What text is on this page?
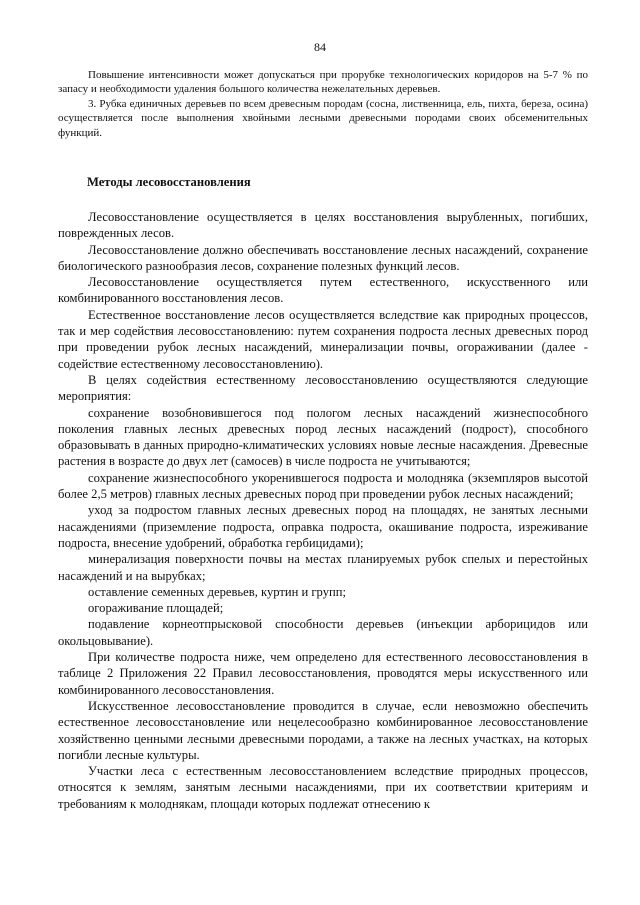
84

Повышение интенсивности может допускаться при прорубке технологических коридоров на 5-7 % по запасу и необходимости удаления большого количества нежелательных деревьев.

3. Рубка единичных деревьев по всем древесным породам (сосна, лиственница, ель, пихта, береза, осина) осуществляется после выполнения хвойными лесными древесными породами своих обсеменительных функций.

Методы лесовосстановления

Лесовосстановление осуществляется в целях восстановления вырубленных, погибших, поврежденных лесов.

Лесовосстановление должно обеспечивать восстановление лесных насаждений, сохранение биологического разнообразия лесов, сохранение полезных функций лесов.

Лесовосстановление осуществляется путем естественного, искусственного или комбинированного восстановления лесов.

Естественное восстановление лесов осуществляется вследствие как природных процессов, так и мер содействия лесовосстановлению: путем сохранения подроста лесных древесных пород при проведении рубок лесных насаждений, минерализации почвы, огораживании (далее - содействие естественному лесовосстановлению).

В целях содействия естественному лесовосстановлению осуществляются следующие мероприятия:

сохранение возобновившегося под пологом лесных насаждений жизнеспособного поколения главных лесных древесных пород лесных насаждений (подрост), способного образовывать в данных природно-климатических условиях новые лесные насаждения. Древесные растения в возрасте до двух лет (самосев) в числе подроста не учитываются;

сохранение жизнеспособного укоренившегося подроста и молодняка (экземпляров высотой более 2,5 метров) главных лесных древесных пород при проведении рубок лесных насаждений;

уход за подростом главных лесных древесных пород на площадях, не занятых лесными насаждениями (приземление подроста, оправка подроста, окашивание подроста, изреживание подроста, внесение удобрений, обработка гербицидами);

минерализация поверхности почвы на местах планируемых рубок спелых и перестойных насаждений и на вырубках;

оставление семенных деревьев, куртин и групп;

огораживание площадей;

подавление корнеотпрысковой способности деревьев (инъекции арборицидов или окольцовывание).

При количестве подроста ниже, чем определено для естественного лесовосстановления в таблице 2 Приложения 22 Правил лесовосстановления, проводятся меры искусственного или комбинированного лесовосстановления.

Искусственное лесовосстановление проводится в случае, если невозможно обеспечить естественное лесовосстановление или нецелесообразно комбинированное лесовосстановление хозяйственно ценными лесными древесными породами, а также на лесных участках, на которых погибли лесные культуры.

Участки леса с естественным лесовосстановлением вследствие природных процессов, относятся к землям, занятым лесными насаждениями, при их соответствии критериям и требованиям к молоднякам, площади которых подлежат отнесению к
